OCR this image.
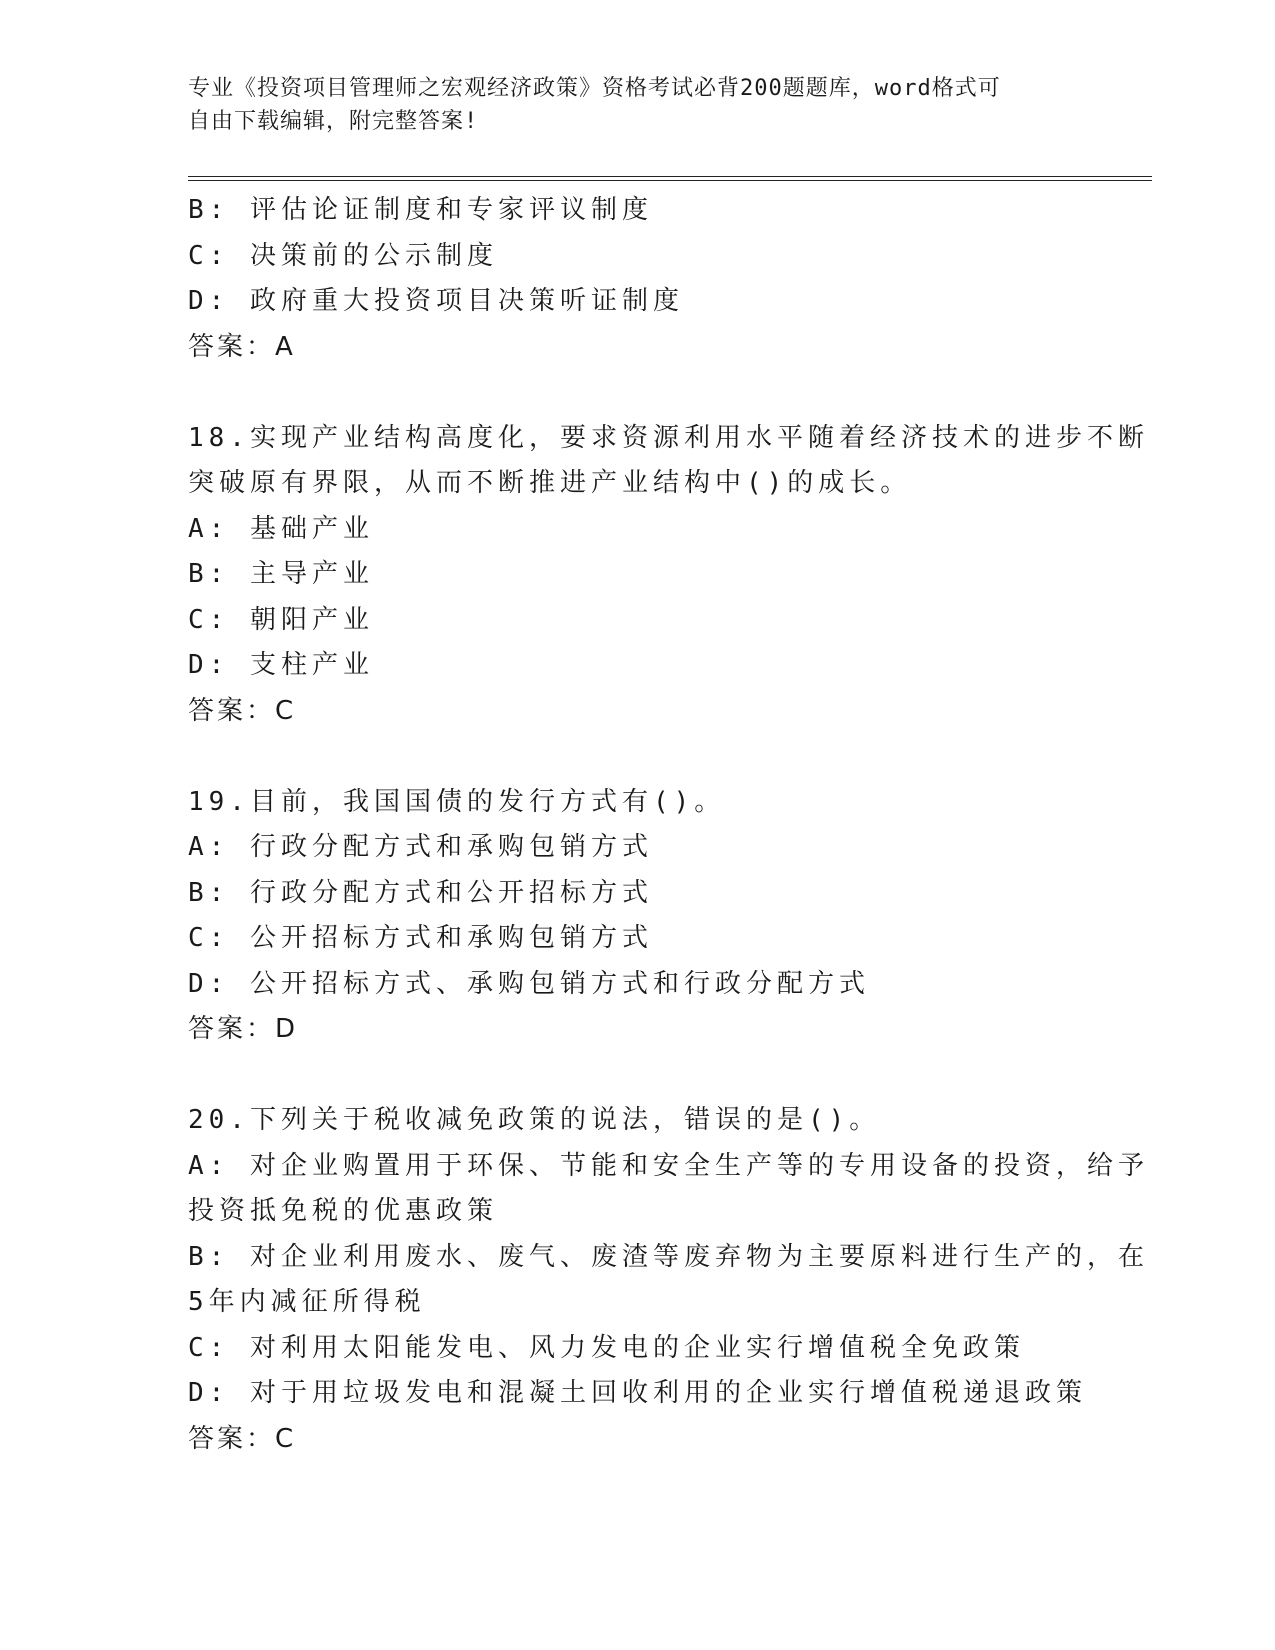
专业《投资项目管理师之宏观经济政策》资格考试必背200题题库，word格式可
自由下载编辑，附完整答案!
B: 评估论证制度和专家评议制度
C: 决策前的公示制度
D: 政府重大投资项目决策听证制度
答案：A
18.实现产业结构高度化，要求资源利用水平随着经济技术的进步不断
突破原有界限，从而不断推进产业结构中()的成长。
A: 基础产业
B: 主导产业
C: 朝阳产业
D: 支柱产业
答案：C
19.目前，我国国债的发行方式有()。
A: 行政分配方式和承购包销方式
B: 行政分配方式和公开招标方式
C: 公开招标方式和承购包销方式
D: 公开招标方式、承购包销方式和行政分配方式
答案：D
20.下列关于税收减免政策的说法，错误的是()。
A: 对企业购置用于环保、节能和安全生产等的专用设备的投资，给予
投资抵免税的优惠政策
B: 对企业利用废水、废气、废渣等废弃物为主要原料进行生产的，在
5年内减征所得税
C: 对利用太阳能发电、风力发电的企业实行增值税全免政策
D: 对于用垃圾发电和混凝土回收利用的企业实行增值税递退政策
答案：C
